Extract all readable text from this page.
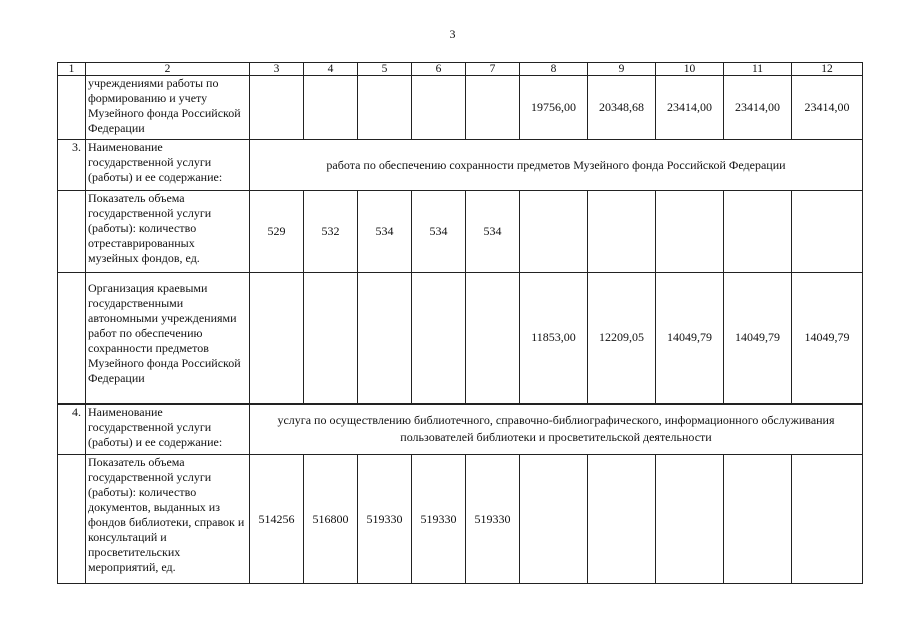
3
1	2	3	4	5	6	7	8	9	10	11	12
	учреждениями работы по формированию и учету Музейного фонда Российской Федерации						19756,00	20348,68	23414,00	23414,00	23414,00
3.	Наименование государственной услуги (работы) и ее содержание:	работа по обеспечению сохранности предметов Музейного фонда Российской Федерации									
	Показатель объема государственной услуги (работы): количество отреставрированных музейных фондов, ед.	529	532	534	534	534					
	Организация краевыми государственными автономными учреждениями работ по обеспечению сохранности предметов Музейного фонда Российской Федерации						11853,00	12209,05	14049,79	14049,79	14049,79
4.	Наименование государственной услуги (работы) и ее содержание:	услуга по осуществлению библиотечного, справочно-библиографического, информационного обслуживания пользователей библиотеки и просветительской деятельности									
	Показатель объема государственной услуги (работы): количество документов, выданных из фондов библиотеки, справок и консультаций и просветительских мероприятий, ед.	514256	516800	519330	519330	519330					
